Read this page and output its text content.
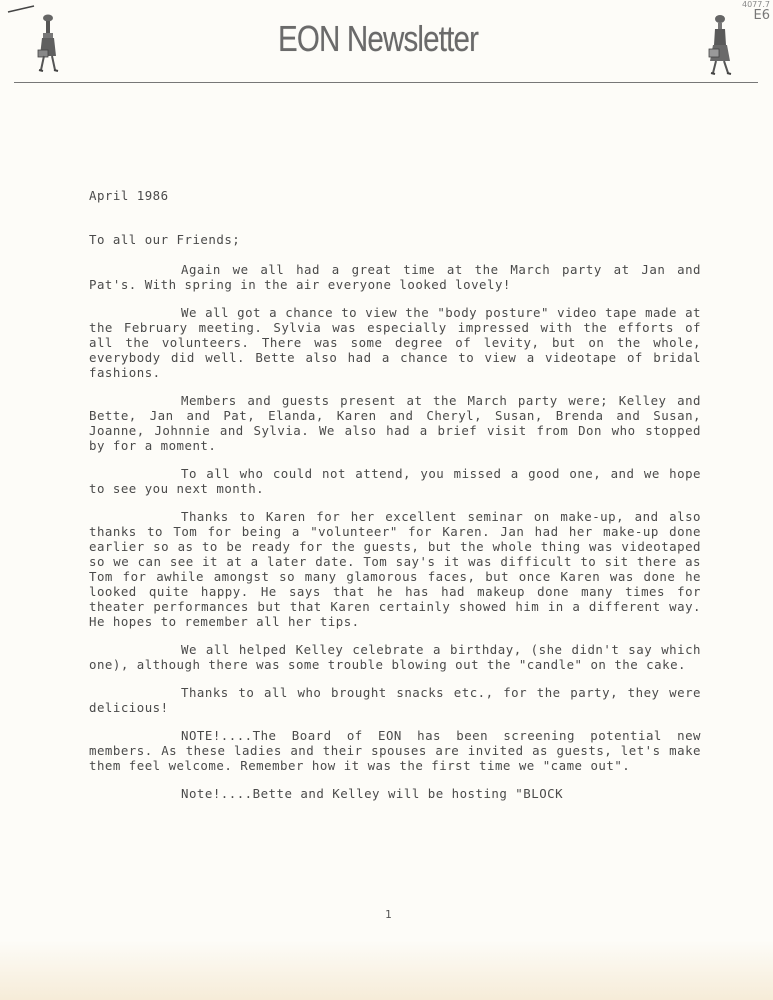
EON Newsletter
4077.7
E6
April 1986
To all our Friends;

Again we all had a great time at the March party at Jan and Pat's. With spring in the air everyone looked lovely!

We all got a chance to view the "body posture" video tape made at the February meeting. Sylvia was especially impressed with the efforts of all the volunteers. There was some degree of levity, but on the whole, everybody did well. Bette also had a chance to view a videotape of bridal fashions.

Members and guests present at the March party were; Kelley and Bette, Jan and Pat, Elanda, Karen and Cheryl, Susan, Brenda and Susan, Joanne, Johnnie and Sylvia. We also had a brief visit from Don who stopped by for a moment.

To all who could not attend, you missed a good one, and we hope to see you next month.

Thanks to Karen for her excellent seminar on make-up, and also thanks to Tom for being a "volunteer" for Karen. Jan had her make-up done earlier so as to be ready for the guests, but the whole thing was videotaped so we can see it at a later date. Tom say's it was difficult to sit there as Tom for awhile amongst so many glamorous faces, but once Karen was done he looked quite happy. He says that he has had makeup done many times for theater performances but that Karen certainly showed him in a different way. He hopes to remember all her tips.

We all helped Kelley celebrate a birthday, (she didn't say which one), although there was some trouble blowing out the "candle" on the cake.

Thanks to all who brought snacks etc., for the party, they were delicious!

NOTE!....The Board of EON has been screening potential new members. As these ladies and their spouses are invited as guests, let's make them feel welcome. Remember how it was the first time we "came out".

Note!....Bette and Kelley will be hosting "BLOCK

1
